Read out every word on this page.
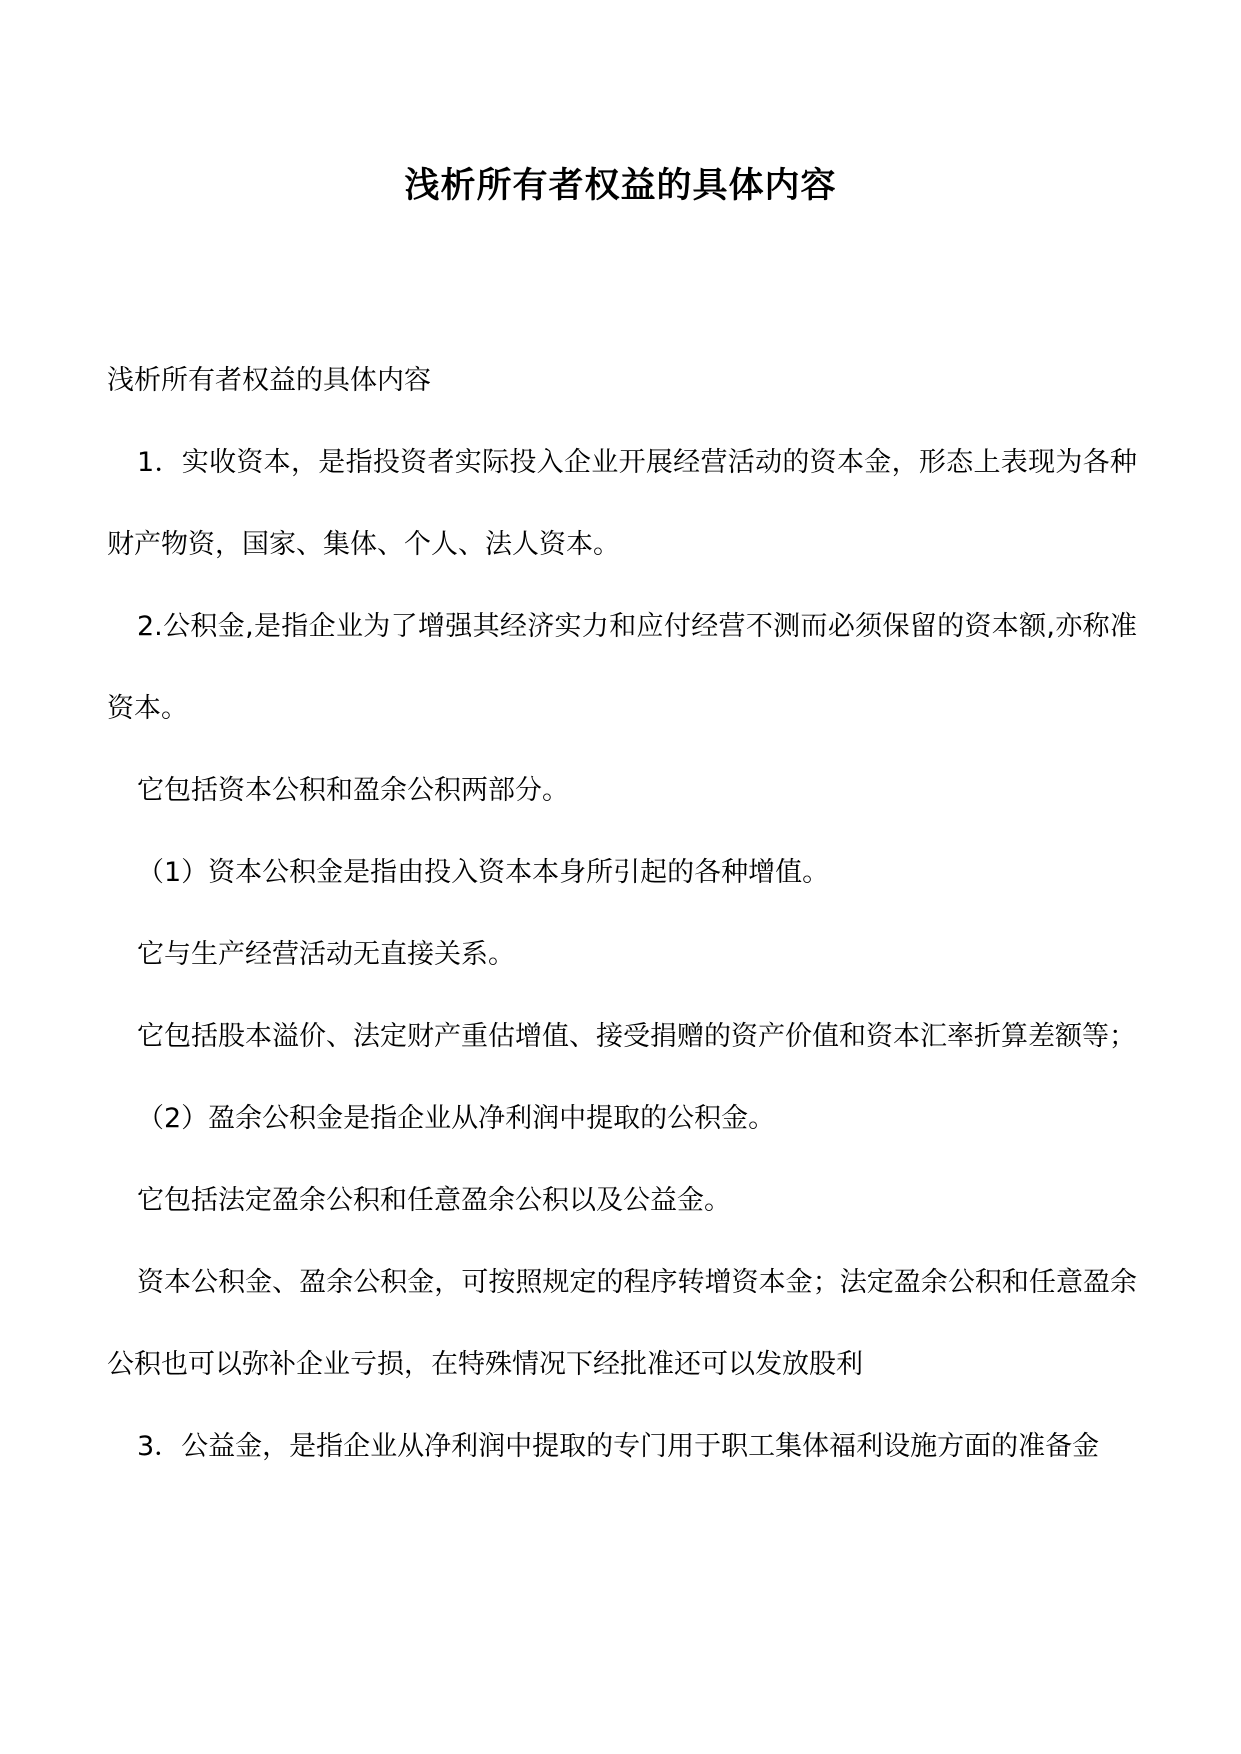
浅析所有者权益的具体内容

浅析所有者权益的具体内容

1．实收资本，是指投资者实际投入企业开展经营活动的资本金，形态上表现为各种财产物资，国家、集体、个人、法人资本。

2.公积金,是指企业为了增强其经济实力和应付经营不测而必须保留的资本额,亦称准资本。

它包括资本公积和盈余公积两部分。

（1）资本公积金是指由投入资本本身所引起的各种增值。

它与生产经营活动无直接关系。

它包括股本溢价、法定财产重估增值、接受捐赠的资产价值和资本汇率折算差额等；

（2）盈余公积金是指企业从净利润中提取的公积金。

它包括法定盈余公积和任意盈余公积以及公益金。

资本公积金、盈余公积金，可按照规定的程序转增资本金；法定盈余公积和任意盈余公积也可以弥补企业亏损，在特殊情况下经批准还可以发放股利

3．公益金，是指企业从净利润中提取的专门用于职工集体福利设施方面的准备金
